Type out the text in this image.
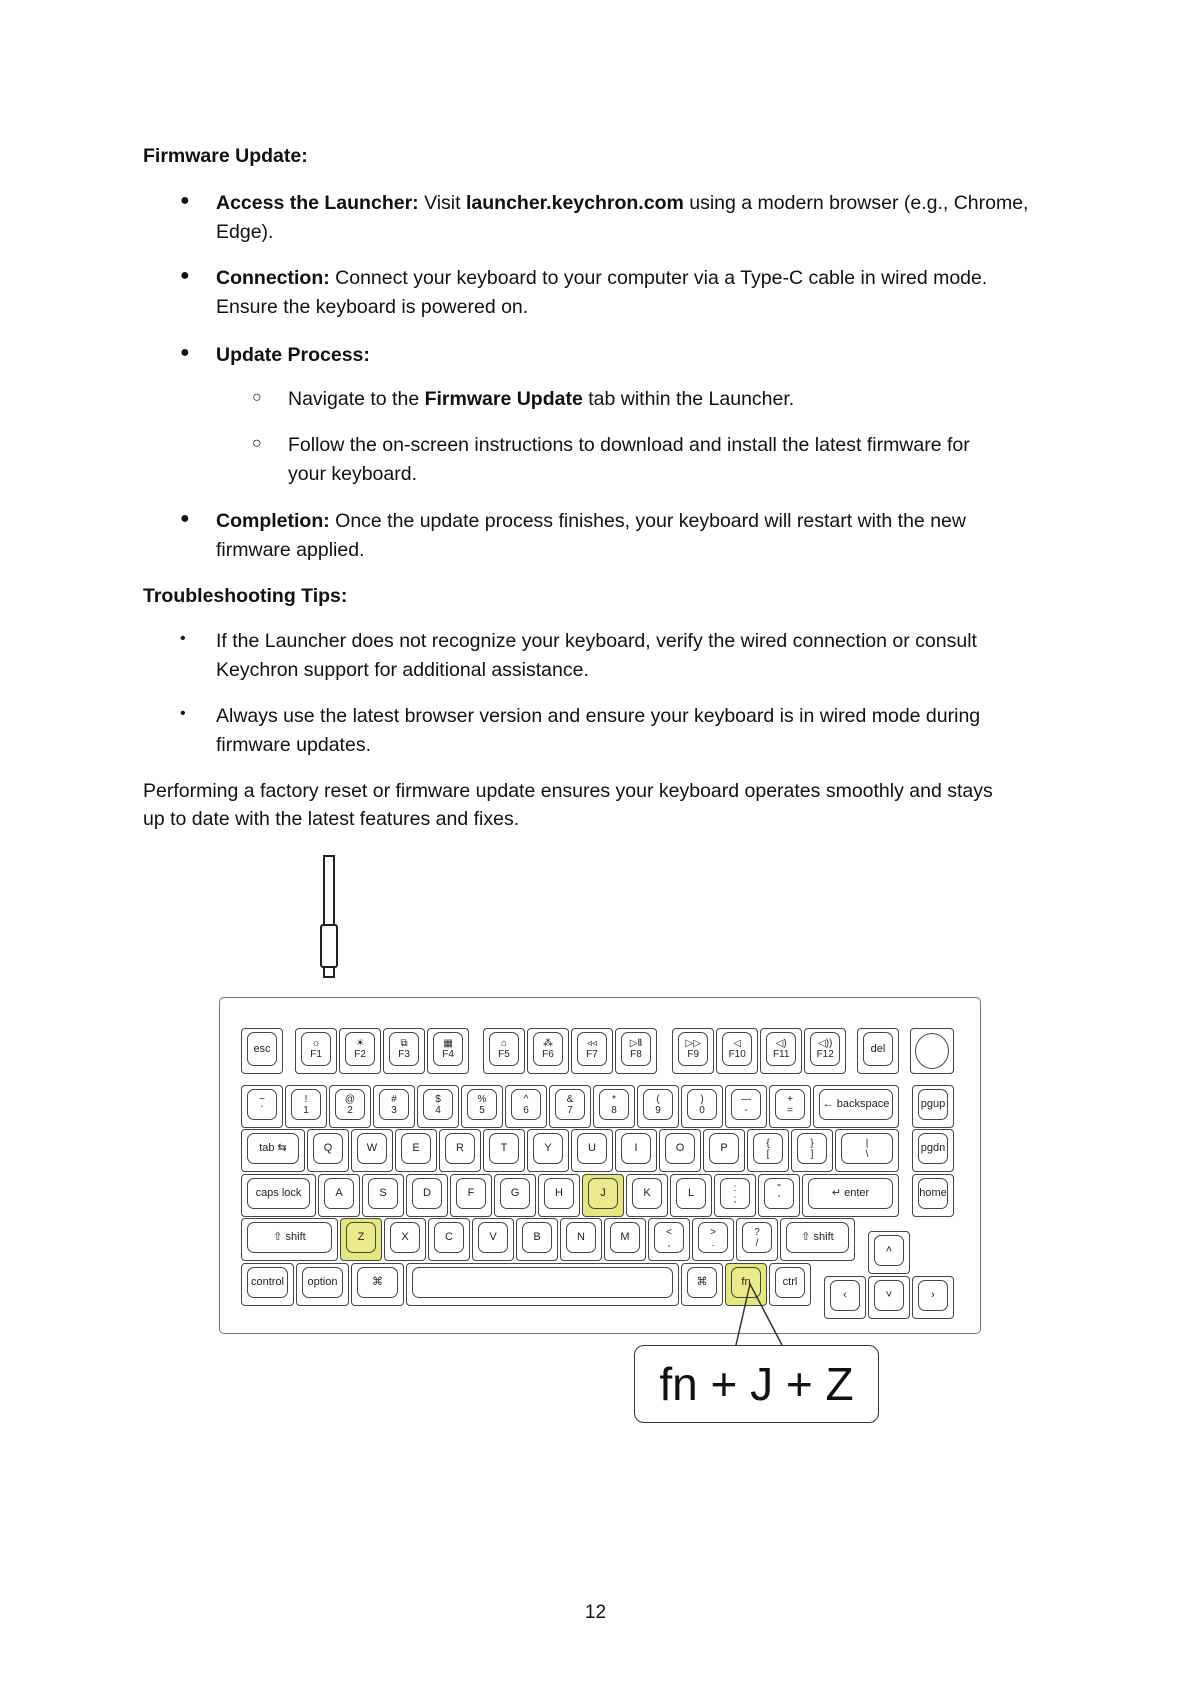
Firmware Update:
● Access the Launcher: Visit launcher.keychron.com using a modern browser (e.g., Chrome,
Edge).
● Connection: Connect your keyboard to your computer via a Type-C cable in wired mode.
Ensure the keyboard is powered on.
● Update Process:
○ Navigate to the Firmware Update tab within the Launcher.
○ Follow the on-screen instructions to download and install the latest firmware for
your keyboard.
● Completion: Once the update process finishes, your keyboard will restart with the new
firmware applied.
Troubleshooting Tips:
• If the Launcher does not recognize your keyboard, verify the wired connection or consult
Keychron support for additional assistance.
• Always use the latest browser version and ensure your keyboard is in wired mode during
firmware updates.
Performing a factory reset or firmware update ensures your keyboard operates smoothly and stays
up to date with the latest features and fixes.
esc	☼
F1
☀
F2
⧉
F3
▦
F4
⌂
F5
⁂
F6
◃◃
F7
▷Ⅱ
F8
▷▷
F9
◁
F10
◁)
F11
◁))
F12	del
~
`
!
1
@
2
#
3
$
4
%
5
^
6
&
7
*
8
(
9
)
0
—
-
+
=	← backspace	pgup
tab ⇆	Q	W	E	R	T	Y	U	I	O	P	{
[
}
]
|
\	pgdn
caps lock	A	S	D	F	G	H	J	K	L	:
;
"
'	↵ enter	home
⇧ shift	Z	X	C	V	B	N	M	<
,
>
.
?
/	⇧ shift
˄
control option	⌘	⌘	fn	ctrl
‹	˅	›
fn + J + Z
12
